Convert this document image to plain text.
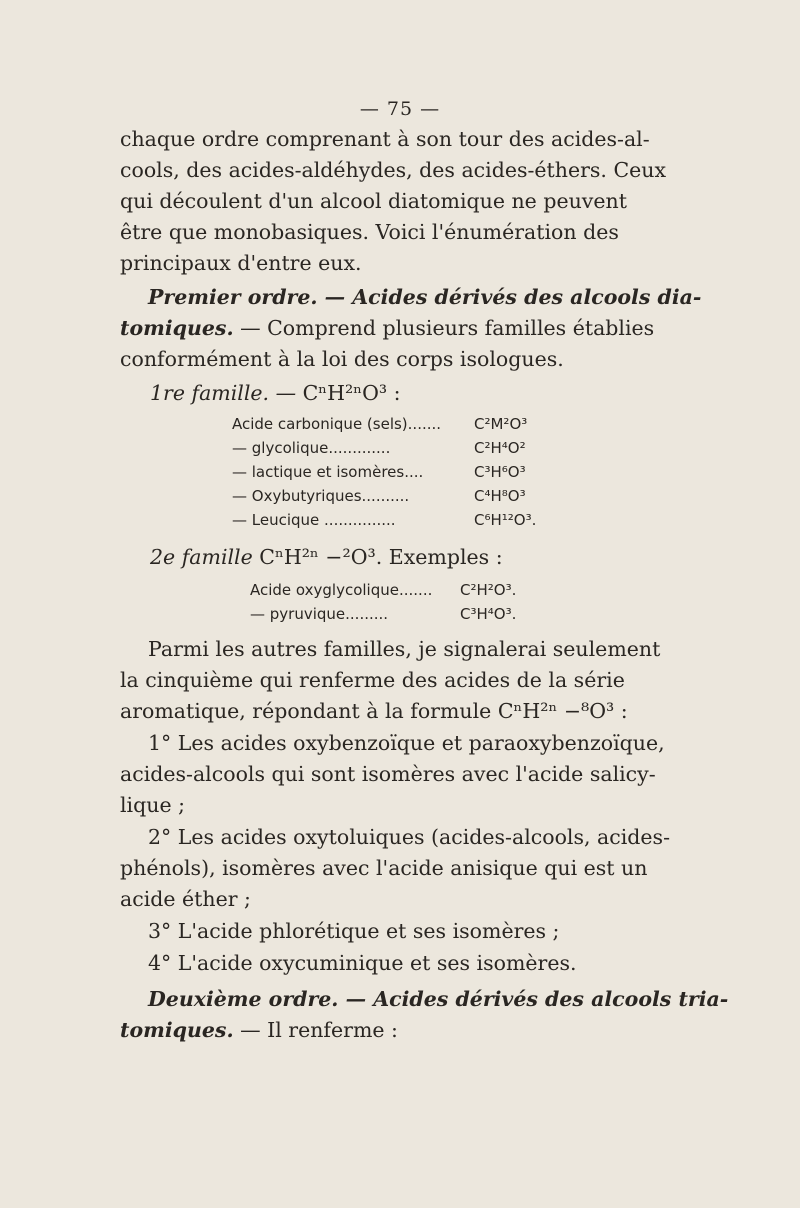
— 75 —
chaque ordre comprenant à son tour des acides-al-
cools, des acides-aldéhydes, des acides-éthers. Ceux
qui découlent d'un alcool diatomique ne peuvent
être que monobasiques. Voici l'énumération des
principaux d'entre eux.
Premier ordre. — Acides dérivés des alcools dia-
tomiques. — Comprend plusieurs familles établies
conformément à la loi des corps isologues.
1re famille. — CⁿH²ⁿO³ :
Acide carbonique (sels)....... C²M²O³
— glycolique.............	C²H⁴O²
— lactique et isomères....	C³H⁶O³
— Oxybutyriques..........	C⁴H⁸O³
— Leucique ...............	C⁶H¹²O³.
2e famille CⁿH²ⁿ −²O³. Exemples :
Acide oxyglycolique....... C²H²O³.
— pyruvique.........	C³H⁴O³.
Parmi les autres familles, je signalerai seulement
la cinquième qui renferme des acides de la série
aromatique, répondant à la formule CⁿH²ⁿ −⁸O³ :
1° Les acides oxybenzoïque et paraoxybenzoïque,
acides-alcools qui sont isomères avec l'acide salicy-
lique ;
2° Les acides oxytoluiques (acides-alcools, acides-
phénols), isomères avec l'acide anisique qui est un
acide éther ;
3° L'acide phlorétique et ses isomères ;
4° L'acide oxycuminique et ses isomères.
Deuxième ordre. — Acides dérivés des alcools tria-
tomiques. — Il renferme :
